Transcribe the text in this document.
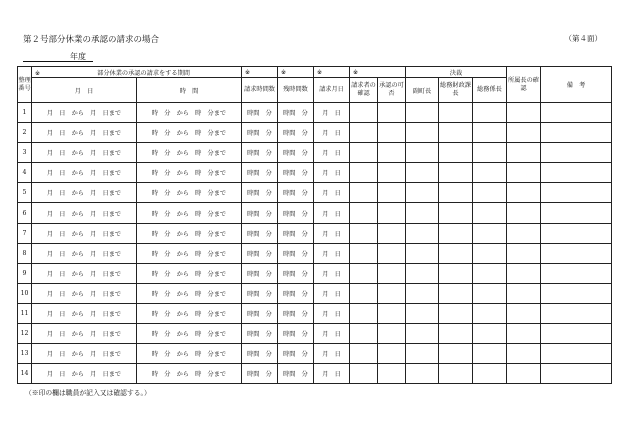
第２号部分休業の承認の請求の場合	（第４面）
年度
整理番号	※ 部分休業の承認の請求をする期間		※	※	※	※		決裁			所属長の確認	備　考
	月　日	時　間	請求時間数	残時間数	請求月日	請求者の確認	承認の可否	副町長	総務財政課長	総務係長		
1	月　日　から　月　日まで	時　分　から　時　分まで	時間　分	時間　分	月　日							
2	月　日　から　月　日まで	時　分　から　時　分まで	時間　分	時間　分	月　日							
3	月　日　から　月　日まで	時　分　から　時　分まで	時間　分	時間　分	月　日							
4	月　日　から　月　日まで	時　分　から　時　分まで	時間　分	時間　分	月　日							
5	月　日　から　月　日まで	時　分　から　時　分まで	時間　分	時間　分	月　日							
6	月　日　から　月　日まで	時　分　から　時　分まで	時間　分	時間　分	月　日							
7	月　日　から　月　日まで	時　分　から　時　分まで	時間　分	時間　分	月　日							
8	月　日　から　月　日まで	時　分　から　時　分まで	時間　分	時間　分	月　日							
9	月　日　から　月　日まで	時　分　から　時　分まで	時間　分	時間　分	月　日							
10	月　日　から　月　日まで	時　分　から　時　分まで	時間　分	時間　分	月　日							
11	月　日　から　月　日まで	時　分　から　時　分まで	時間　分	時間　分	月　日							
12	月　日　から　月　日まで	時　分　から　時　分まで	時間　分	時間　分	月　日							
13	月　日　から　月　日まで	時　分　から　時　分まで	時間　分	時間　分	月　日							
14	月　日　から　月　日まで	時　分　から　時　分まで	時間　分	時間　分	月　日							
（※印の欄は職員が記入又は確認する。）
